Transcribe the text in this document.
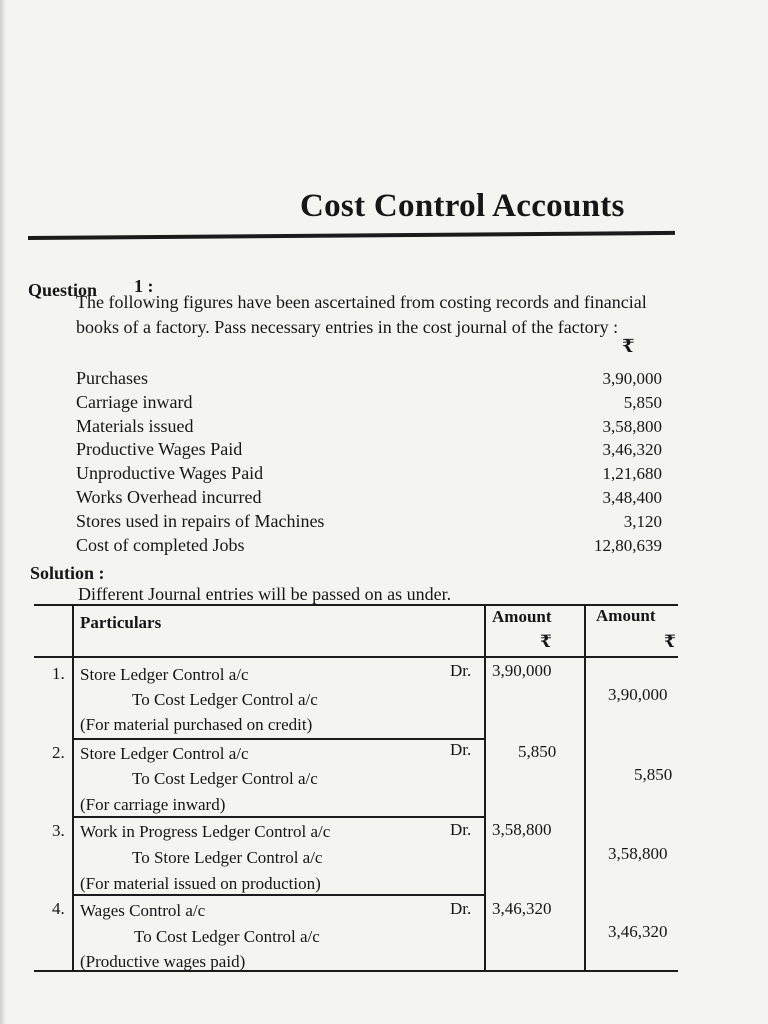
Cost Control Accounts
Question 1 :

The following figures have been ascertained from costing records and financial books of a factory. Pass necessary entries in the cost journal of the factory :

₹
Purchases	3,90,000
Carriage inward	5,850
Materials issued	3,58,800
Productive Wages Paid	3,46,320
Unproductive Wages Paid	1,21,680
Works Overhead incurred	3,48,400
Stores used in repairs of Machines	3,120
Cost of completed Jobs	12,80,639
Solution :
Different Journal entries will be passed on as under.
Particulars	Amount	Amount
₹	₹
1. Store Ledger Control a/c	Dr. 3,90,000
To Cost Ledger Control a/c	3,90,000
(For material purchased on credit)
2. Store Ledger Control a/c	Dr.	5,850
To Cost Ledger Control a/c	5,850
(For carriage inward)
3. Work in Progress Ledger Control a/c	Dr. 3,58,800
To Store Ledger Control a/c	3,58,800
(For material issued on production)
4. Wages Control a/c	Dr. 3,46,320
To Cost Ledger Control a/c	3,46,320
(Productive wages paid)
